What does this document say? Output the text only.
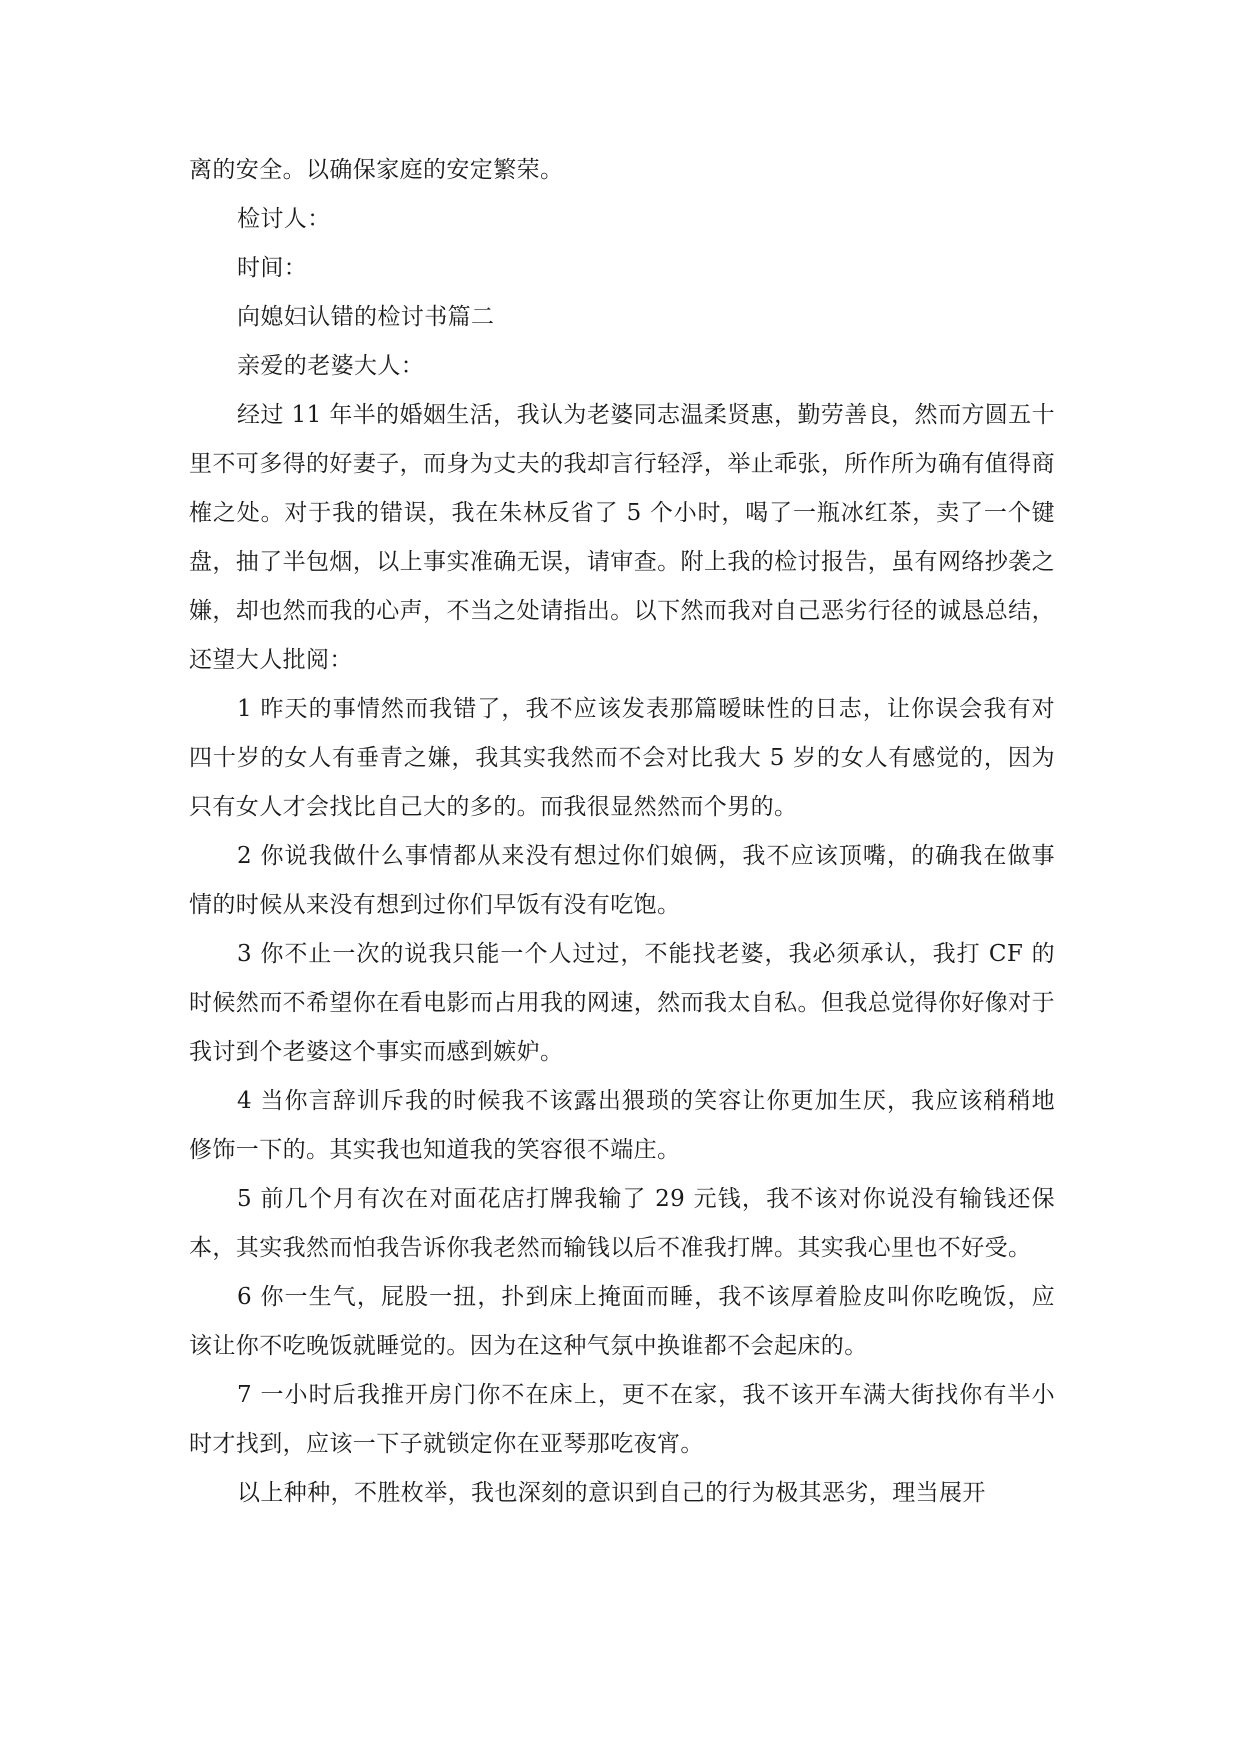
离的安全。以确保家庭的安定繁荣。

检讨人：

时间：

向媳妇认错的检讨书篇二

亲爱的老婆大人：

经过 11 年半的婚姻生活，我认为老婆同志温柔贤惠，勤劳善良，然而方圆五十里不可多得的好妻子，而身为丈夫的我却言行轻浮，举止乖张，所作所为确有值得商榷之处。对于我的错误，我在朱林反省了 5 个小时，喝了一瓶冰红茶，卖了一个键盘，抽了半包烟，以上事实准确无误，请审查。附上我的检讨报告，虽有网络抄袭之嫌，却也然而我的心声，不当之处请指出。以下然而我对自己恶劣行径的诚恳总结，还望大人批阅：

1 昨天的事情然而我错了，我不应该发表那篇暧昧性的日志，让你误会我有对四十岁的女人有垂青之嫌，我其实我然而不会对比我大 5 岁的女人有感觉的，因为只有女人才会找比自己大的多的。而我很显然然而个男的。

2 你说我做什么事情都从来没有想过你们娘俩，我不应该顶嘴，的确我在做事情的时候从来没有想到过你们早饭有没有吃饱。

3 你不止一次的说我只能一个人过过，不能找老婆，我必须承认，我打 CF 的时候然而不希望你在看电影而占用我的网速，然而我太自私。但我总觉得你好像对于我讨到个老婆这个事实而感到嫉妒。

4 当你言辞训斥我的时候我不该露出猥琐的笑容让你更加生厌，我应该稍稍地修饰一下的。其实我也知道我的笑容很不端庄。

5 前几个月有次在对面花店打牌我输了 29 元钱，我不该对你说没有输钱还保本，其实我然而怕我告诉你我老然而输钱以后不准我打牌。其实我心里也不好受。

6 你一生气，屁股一扭，扑到床上掩面而睡，我不该厚着脸皮叫你吃晚饭，应该让你不吃晚饭就睡觉的。因为在这种气氛中换谁都不会起床的。

7 一小时后我推开房门你不在床上，更不在家，我不该开车满大街找你有半小时才找到，应该一下子就锁定你在亚琴那吃夜宵。

以上种种，不胜枚举，我也深刻的意识到自己的行为极其恶劣，理当展开
